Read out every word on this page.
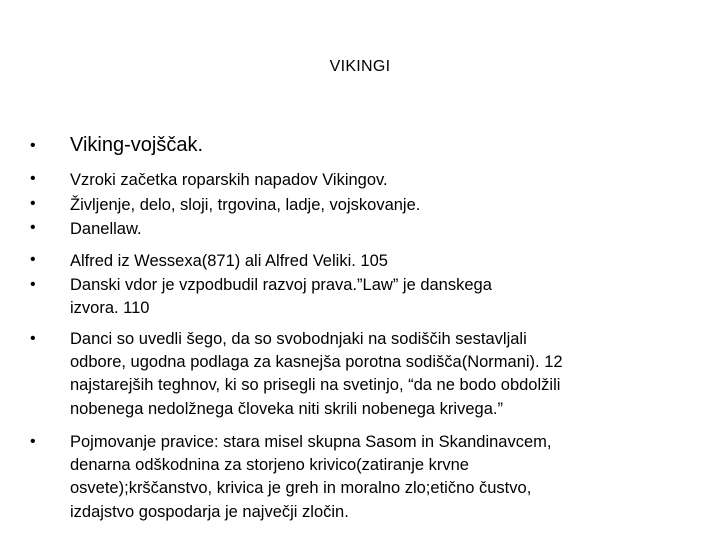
VIKINGI
• Viking-vojščak.
• Vzroki začetka roparskih napadov Vikingov.
• Življenje, delo, sloji, trgovina, ladje, vojskovanje.
• Danellaw.
• Alfred iz Wessexa(871) ali Alfred Veliki. 105
• Danski vdor je vzpodbudil razvoj prava.”Law” je danskega
izvora. 110
• Danci so uvedli šego, da so svobodnjaki na sodiščih sestavljali
odbore, ugodna podlaga za kasnejša porotna sodišča(Normani). 12
najstarejših teghnov, ki so prisegli na svetinjo, “da ne bodo obdolžili
nobenega nedolžnega človeka niti skrili nobenega krivega.”
• Pojmovanje pravice: stara misel skupna Sasom in Skandinavcem,
denarna odškodnina za storjeno krivico(zatiranje krvne
osvete);krščanstvo, krivica je greh in moralno zlo;etično čustvo,
izdajstvo gospodarja je največji zločin.
